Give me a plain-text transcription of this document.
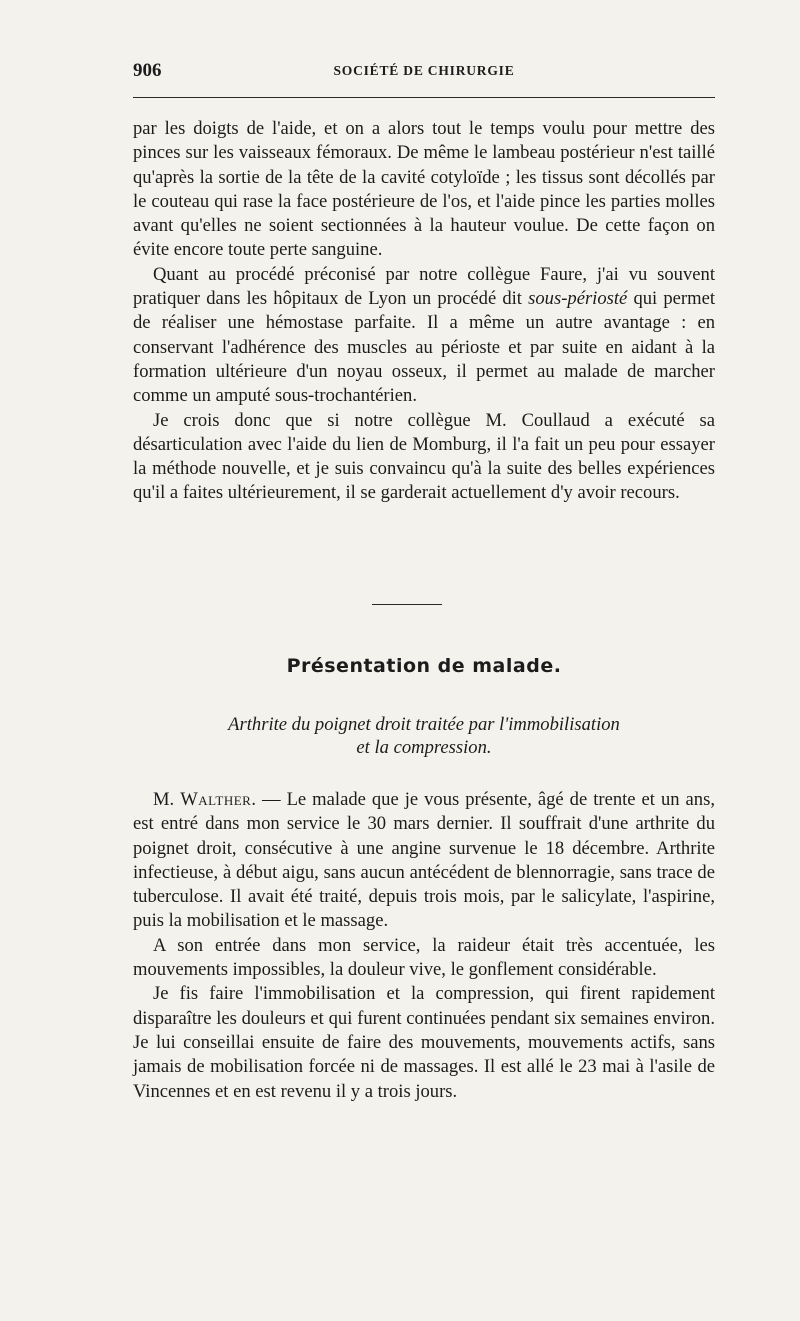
906	SOCIÉTÉ DE CHIRURGIE

par les doigts de l'aide, et on a alors tout le temps voulu pour mettre des pinces sur les vaisseaux fémoraux. De même le lambeau postérieur n'est taillé qu'après la sortie de la tête de la cavité cotyloïde ; les tissus sont décollés par le couteau qui rase la face postérieure de l'os, et l'aide pince les parties molles avant qu'elles ne soient sectionnées à la hauteur voulue. De cette façon on évite encore toute perte sanguine.

Quant au procédé préconisé par notre collègue Faure, j'ai vu souvent pratiquer dans les hôpitaux de Lyon un procédé dit sous-périosté qui permet de réaliser une hémostase parfaite. Il a même un autre avantage : en conservant l'adhérence des muscles au périoste et par suite en aidant à la formation ultérieure d'un noyau osseux, il permet au malade de marcher comme un amputé sous-trochantérien.

Je crois donc que si notre collègue M. Coullaud a exécuté sa désarticulation avec l'aide du lien de Momburg, il l'a fait un peu pour essayer la méthode nouvelle, et je suis convaincu qu'à la suite des belles expériences qu'il a faites ultérieurement, il se garderait actuellement d'y avoir recours.

Présentation de malade.
Arthrite du poignet droit traitée par l'immobilisation
et la compression.

M. Walther. — Le malade que je vous présente, âgé de trente et un ans, est entré dans mon service le 30 mars dernier. Il souffrait d'une arthrite du poignet droit, consécutive à une angine survenue le 18 décembre. Arthrite infectieuse, à début aigu, sans aucun antécédent de blennorragie, sans trace de tuberculose. Il avait été traité, depuis trois mois, par le salicylate, l'aspirine, puis la mobilisation et le massage.

A son entrée dans mon service, la raideur était très accentuée, les mouvements impossibles, la douleur vive, le gonflement considérable.

Je fis faire l'immobilisation et la compression, qui firent rapidement disparaître les douleurs et qui furent continuées pendant six semaines environ. Je lui conseillai ensuite de faire des mouvements, mouvements actifs, sans jamais de mobilisation forcée ni de massages. Il est allé le 23 mai à l'asile de Vincennes et en est revenu il y a trois jours.
